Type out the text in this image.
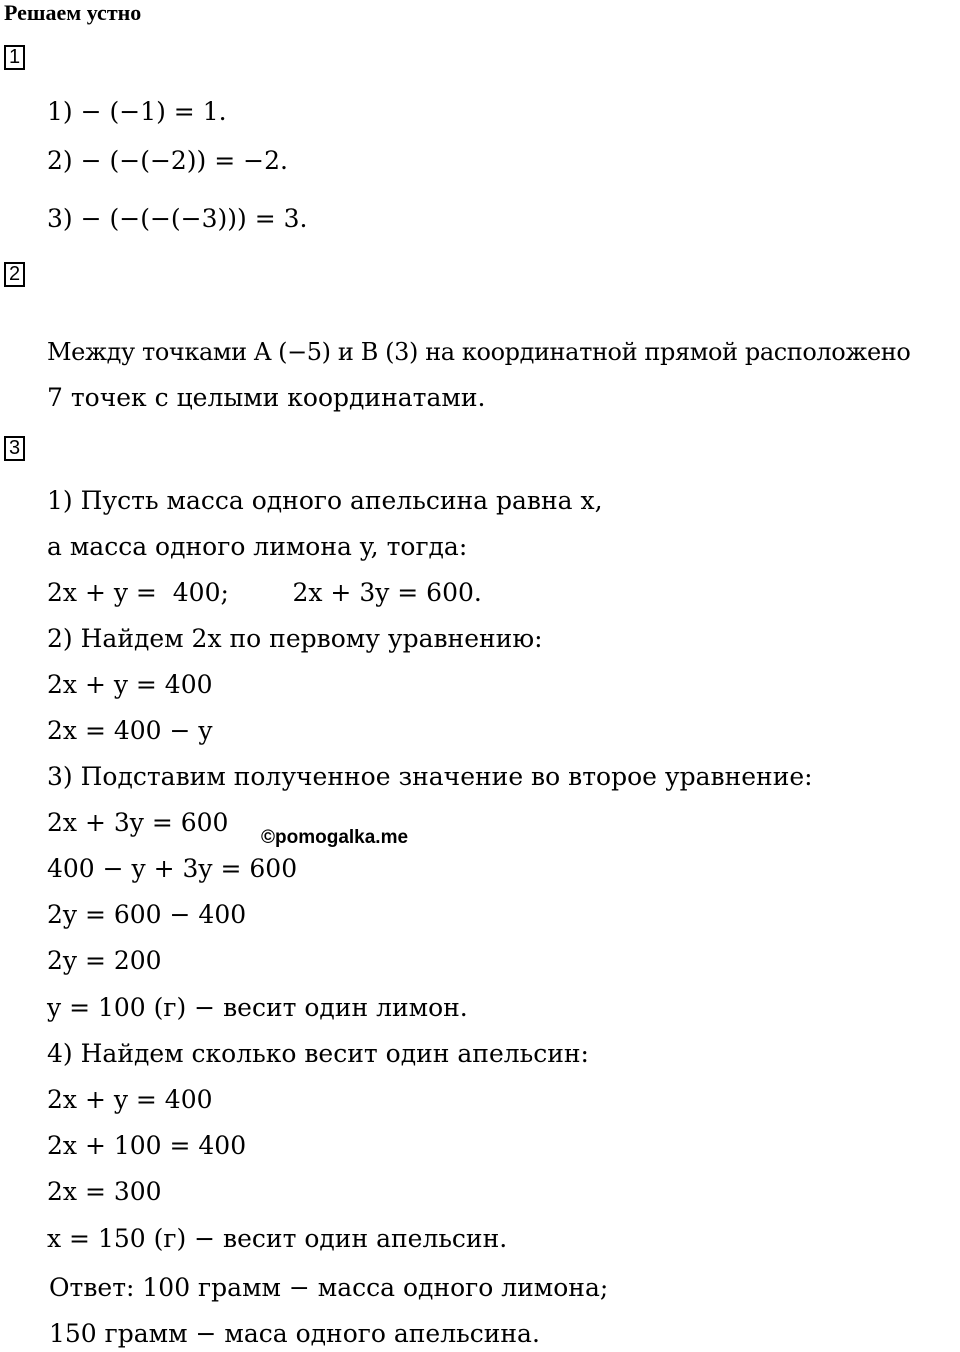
Решаем устно
1
1) − (−1) = 1.
2) − (−(−2)) = −2.
3) − (−(−(−3))) = 3.
2
Между точками A (−5) и B (3) на координатной прямой расположено
7 точек с целыми координатами.
3
1) Пусть масса одного апельсина равна x,
а масса одного лимона y, тогда:
2x + y =  400;        2x + 3y = 600.
2) Найдем 2x по первому уравнению:
2x + y = 400
2x = 400 − y
3) Подставим полученное значение во второе уравнение:
2x + 3y = 600
©pomogalka.me
400 − y + 3y = 600
2y = 600 − 400
2y = 200
y = 100 (г) − весит один лимон.
4) Найдем сколько весит один апельсин:
2x + y = 400
2x + 100 = 400
2x = 300
x = 150 (г) − весит один апельсин.
Ответ: 100 грамм − масса одного лимона;
150 грамм − маса одного апельсина.
